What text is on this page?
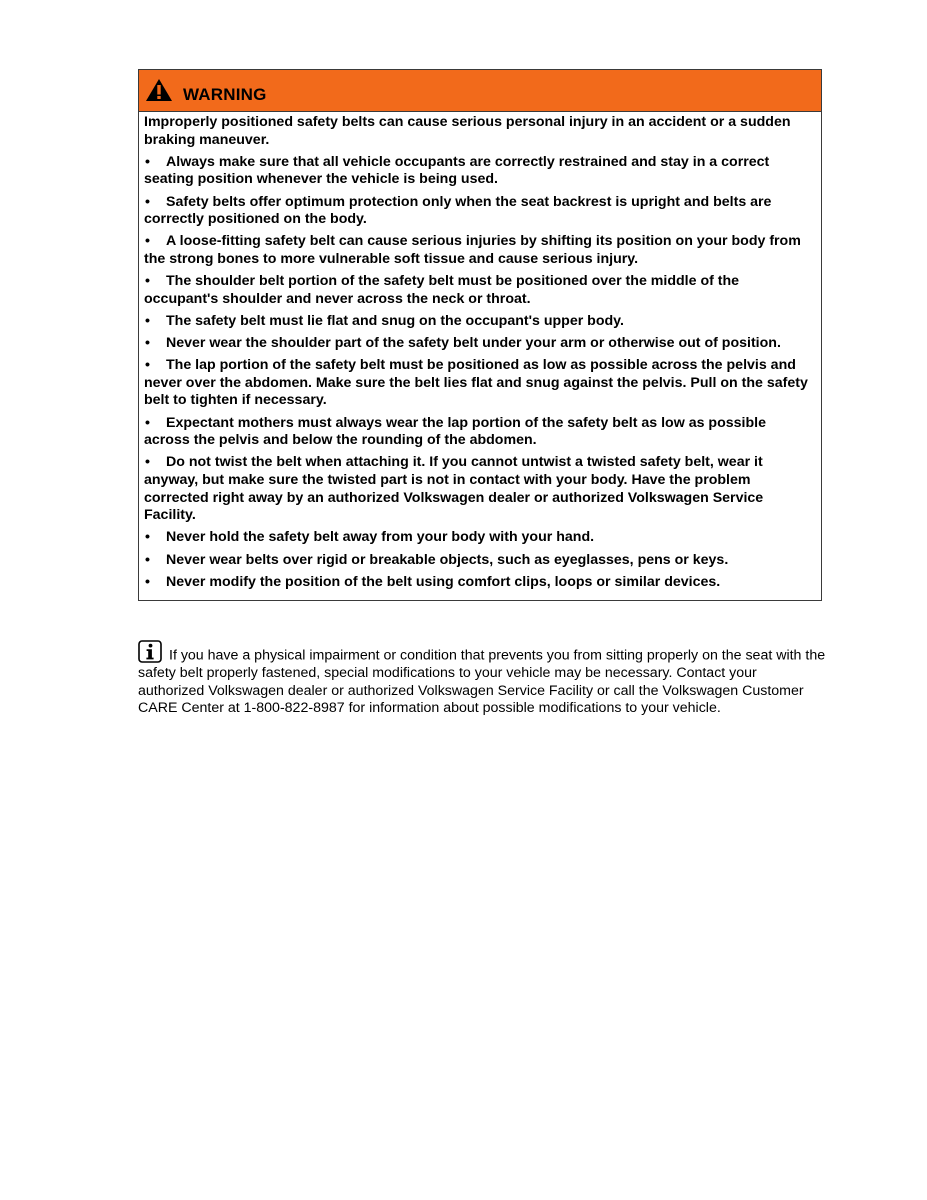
WARNING

Improperly positioned safety belts can cause serious personal injury in an accident or a sudden braking maneuver.

• Always make sure that all vehicle occupants are correctly restrained and stay in a correct seating position whenever the vehicle is being used.
• Safety belts offer optimum protection only when the seat backrest is upright and belts are correctly positioned on the body.
• A loose-fitting safety belt can cause serious injuries by shifting its position on your body from the strong bones to more vulnerable soft tissue and cause serious injury.
• The shoulder belt portion of the safety belt must be positioned over the middle of the occupant's shoulder and never across the neck or throat.
• The safety belt must lie flat and snug on the occupant's upper body.
• Never wear the shoulder part of the safety belt under your arm or otherwise out of position.
• The lap portion of the safety belt must be positioned as low as possible across the pelvis and never over the abdomen. Make sure the belt lies flat and snug against the pelvis. Pull on the safety belt to tighten if necessary.
• Expectant mothers must always wear the lap portion of the safety belt as low as possible across the pelvis and below the rounding of the abdomen.
• Do not twist the belt when attaching it. If you cannot untwist a twisted safety belt, wear it anyway, but make sure the twisted part is not in contact with your body. Have the problem corrected right away by an authorized Volkswagen dealer or authorized Volkswagen Service Facility.
• Never hold the safety belt away from your body with your hand.
• Never wear belts over rigid or breakable objects, such as eyeglasses, pens or keys.
• Never modify the position of the belt using comfort clips, loops or similar devices.
If you have a physical impairment or condition that prevents you from sitting properly on the seat with the safety belt properly fastened, special modifications to your vehicle may be necessary. Contact your authorized Volkswagen dealer or authorized Volkswagen Service Facility or call the Volkswagen Customer CARE Center at 1-800-822-8987 for information about possible modifications to your vehicle.
